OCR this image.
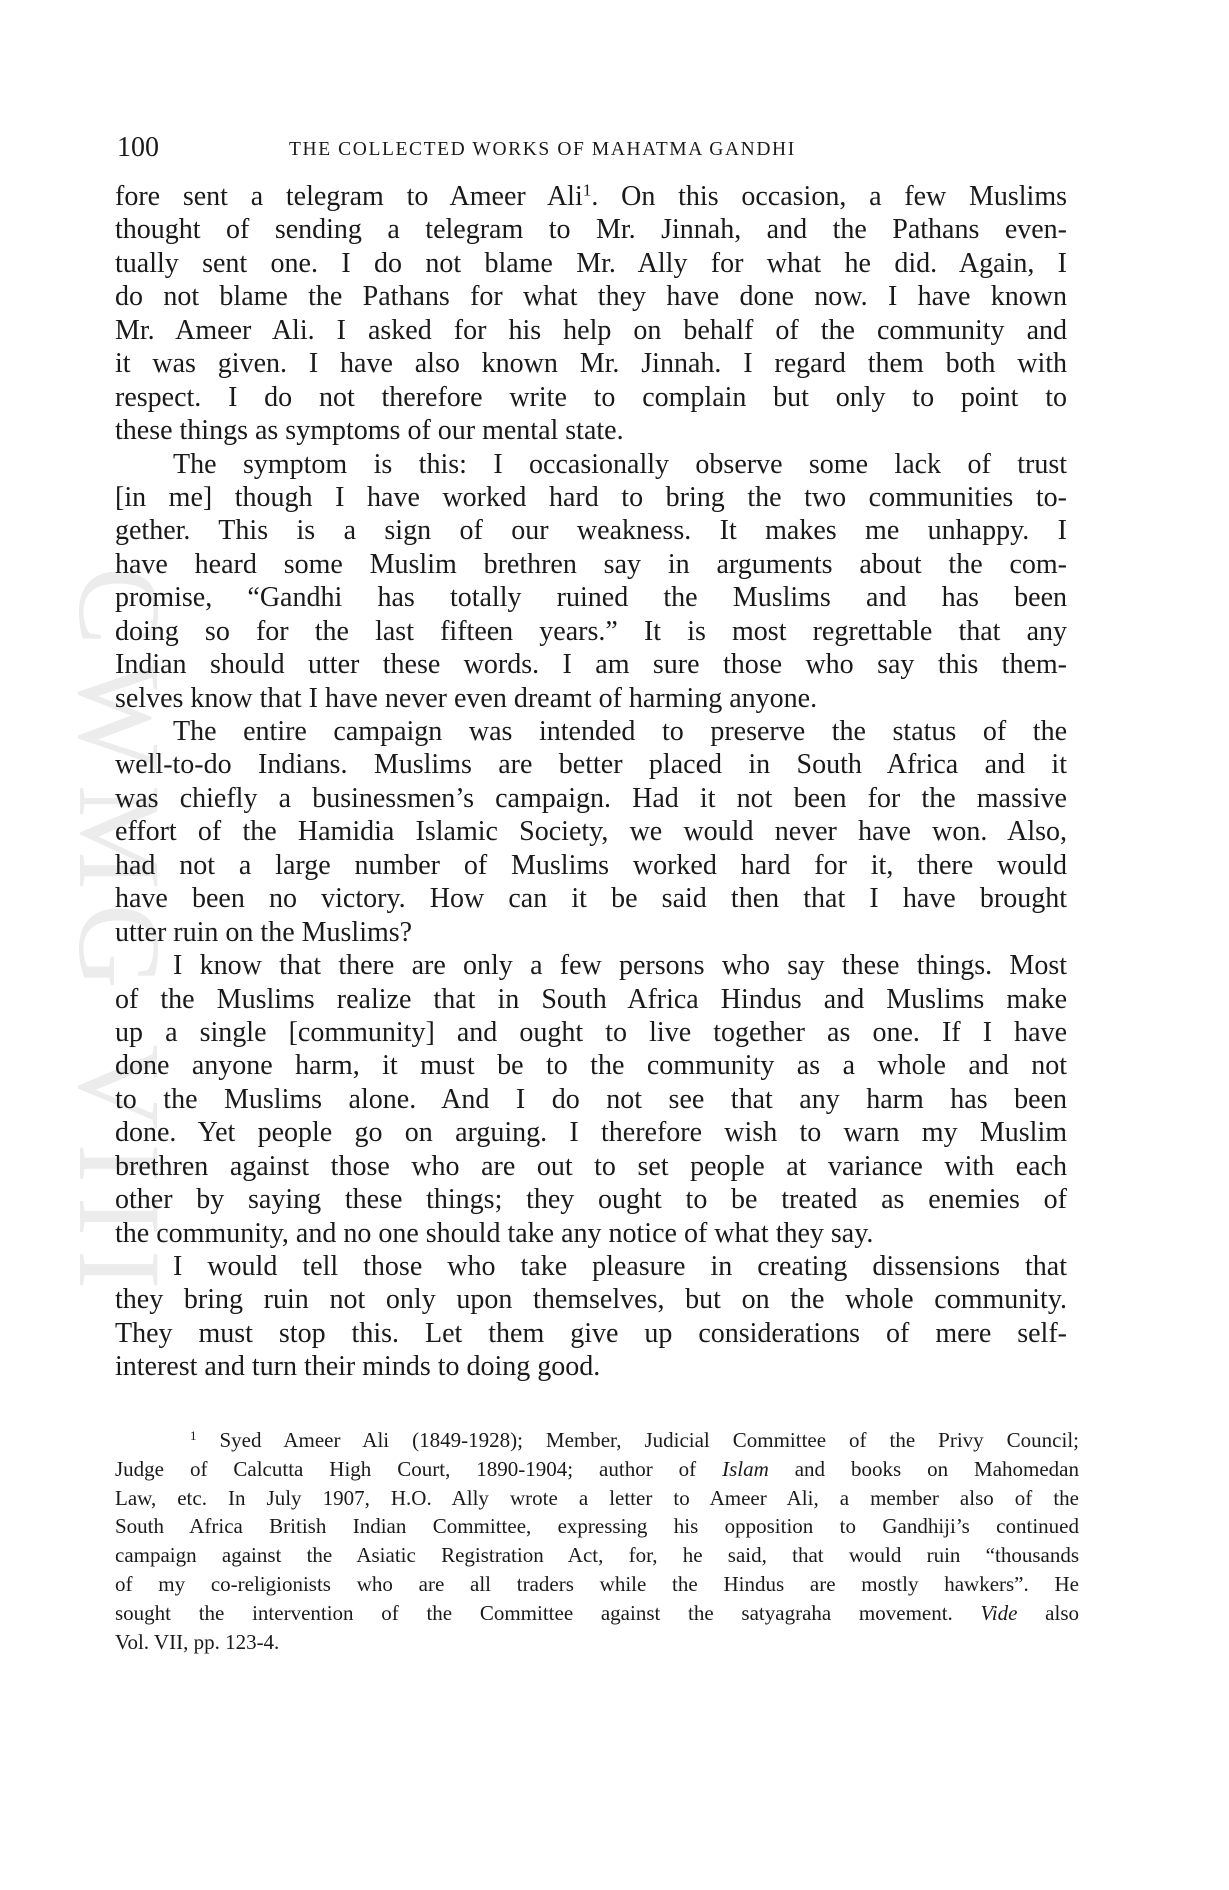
CWMG VIII
100	THE COLLECTED WORKS OF MAHATMA GANDHI
fore sent a telegram to Ameer Ali$^1$. On this occasion, a few Muslims
thought of sending a telegram to Mr. Jinnah, and the Pathans even-
tually sent one. I do not blame Mr. Ally for what he did. Again, I
do not blame the Pathans for what they have done now. I have known
Mr. Ameer Ali. I asked for his help on behalf of the community and
it was given. I have also known Mr. Jinnah. I regard them both with
respect. I do not therefore write to complain but only to point to
these things as symptoms of our mental state.
The symptom is this: I occasionally observe some lack of trust
[in me] though I have worked hard to bring the two communities to-
gether. This is a sign of our weakness. It makes me unhappy. I
have heard some Muslim brethren say in arguments about the com-
promise, “Gandhi has totally ruined the Muslims and has been
doing so for the last fifteen years.” It is most regrettable that any
Indian should utter these words. I am sure those who say this them-
selves know that I have never even dreamt of harming anyone.
The entire campaign was intended to preserve the status of the
well-to-do Indians. Muslims are better placed in South Africa and it
was chiefly a businessmen’s campaign. Had it not been for the massive
effort of the Hamidia Islamic Society, we would never have won. Also,
had not a large number of Muslims worked hard for it, there would
have been no victory. How can it be said then that I have brought
utter ruin on the Muslims?
I know that there are only a few persons who say these things. Most
of the Muslims realize that in South Africa Hindus and Muslims make
up a single [community] and ought to live together as one. If I have
done anyone harm, it must be to the community as a whole and not
to the Muslims alone. And I do not see that any harm has been
done. Yet people go on arguing. I therefore wish to warn my Muslim
brethren against those who are out to set people at variance with each
other by saying these things; they ought to be treated as enemies of
the community, and no one should take any notice of what they say.
I would tell those who take pleasure in creating dissensions that
they bring ruin not only upon themselves, but on the whole community.
They must stop this. Let them give up considerations of mere self-
interest and turn their minds to doing good.
$^1$ Syed Ameer Ali (1849-1928); Member, Judicial Committee of the Privy Council;
Judge of Calcutta High Court, 1890-1904; author of Islam and books on Mahomedan
Law, etc. In July 1907, H.O. Ally wrote a letter to Ameer Ali, a member also of the
South Africa British Indian Committee, expressing his opposition to Gandhiji’s continued
campaign against the Asiatic Registration Act, for, he said, that would ruin “thousands
of my co-religionists who are all traders while the Hindus are mostly hawkers”. He
sought the intervention of the Committee against the satyagraha movement. Vide also
Vol. VII, pp. 123-4.
